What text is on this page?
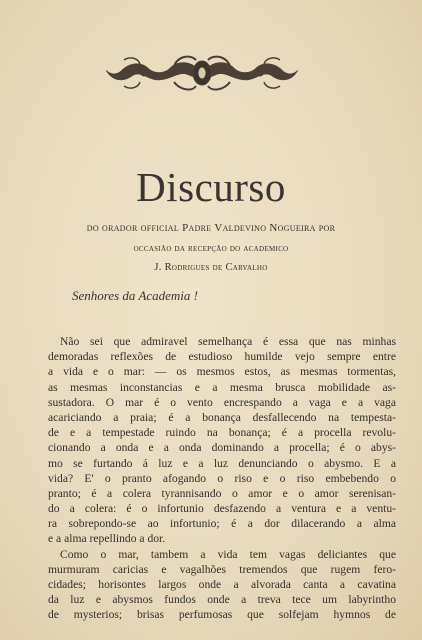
Discurso
do orador official Padre Valdevino Nogueira por
occasião da recepção do academico
J. Rodrigues de Carvalho
Senhores da Academia !
Não sei que admiravel semelhança é essa que nas minhas
demoradas reflexões de estudioso humilde vejo sempre entre
a vida e o mar: — os mesmos estos, as mesmas tormentas,
as mesmas inconstancias e a mesma brusca mobilidade as-
sustadora. O mar é o vento encrespando a vaga e a vaga
acariciando a praia; é a bonança desfallecendo na tempesta-
de e a tempestade ruindo na bonança; é a procella revolu-
cionando a onda e a onda dominando a procella; é o abys-
mo se furtando á luz e a luz denunciando o abysmo. E a
vida? E' o pranto afogando o riso e o riso embebendo o
pranto; é a colera tyrannisando o amor e o amor serenisan-
do a colera: é o infortunio desfazendo a ventura e a ventu-
ra sobrepondo-se ao infortunio; é a dor dilacerando a alma
e a alma repellindo a dor.
Como o mar, tambem a vida tem vagas deliciantes que
murmuram caricias e vagalhões tremendos que rugem fero-
cidades; horisontes largos onde a alvorada canta a cavatina
da luz e abysmos fundos onde a treva tece um labyrintho
de mysterios; brisas perfumosas que solfejam hymnos de
